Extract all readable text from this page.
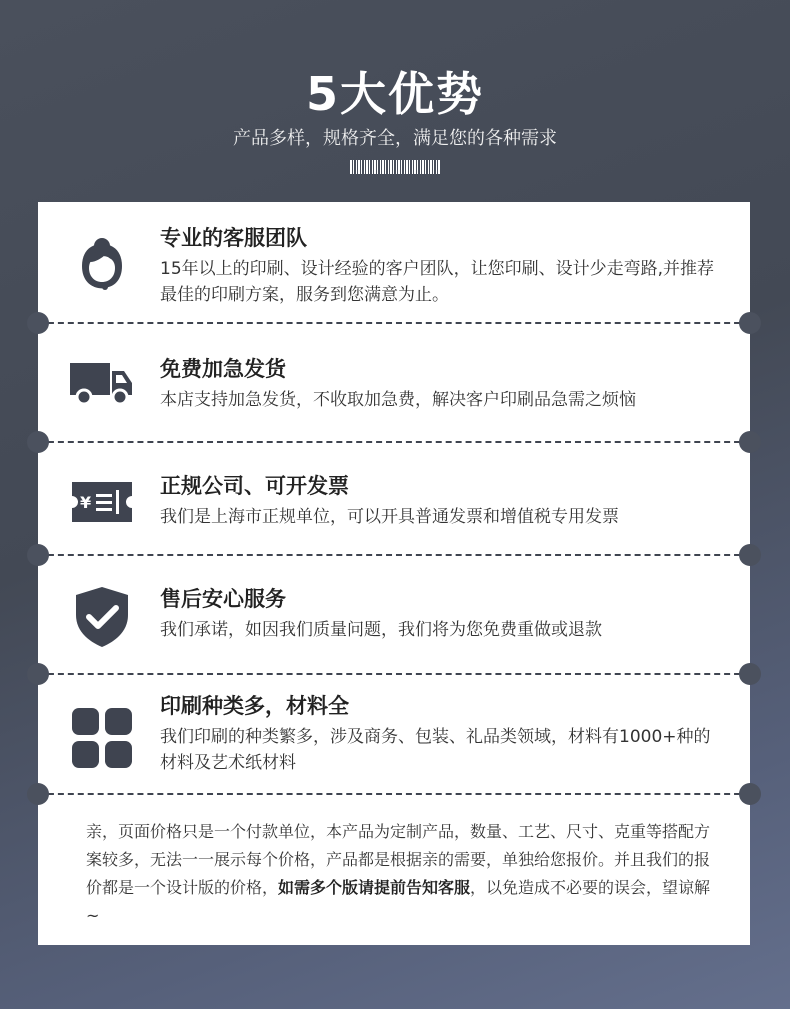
5大优势
产品多样，规格齐全，满足您的各种需求
专业的客服团队

15年以上的印刷、设计经验的客户团队，让您印刷、设计少走弯路,并推荐最佳的印刷方案，服务到您满意为止。

免费加急发货

本店支持加急发货，不收取加急费，解决客户印刷品急需之烦恼

¥
正规公司、可开发票

我们是上海市正规单位，可以开具普通发票和增值税专用发票

售后安心服务

我们承诺，如因我们质量问题，我们将为您免费重做或退款

印刷种类多，材料全

我们印刷的种类繁多，涉及商务、包装、礼品类领域，材料有1000+种的材料及艺术纸材料

亲，页面价格只是一个付款单位，本产品为定制产品，数量、工艺、尺寸、克重等搭配方案较多，无法一一展示每个价格，产品都是根据亲的需要，单独给您报价。并且我们的报价都是一个设计版的价格，如需多个版请提前告知客服，以免造成不必要的误会，望谅解~
